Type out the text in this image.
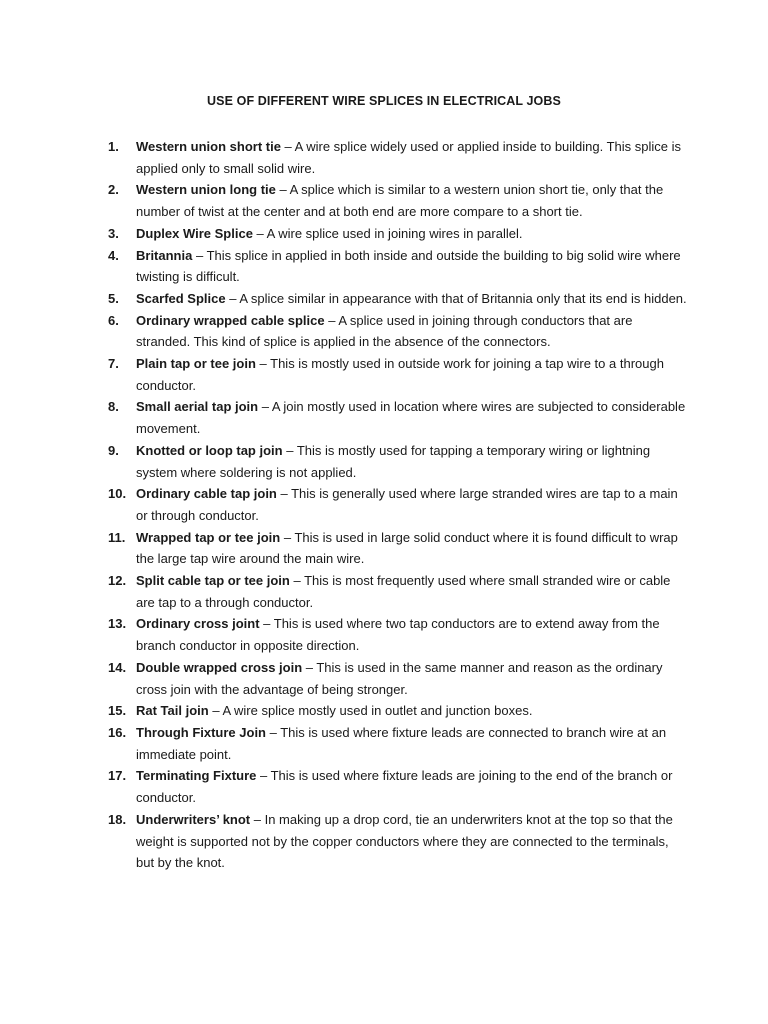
USE OF DIFFERENT WIRE SPLICES IN ELECTRICAL JOBS
1.	Western union short tie – A wire splice widely used or applied inside to building. This splice is applied only to small solid wire.
2.	Western union long tie – A splice which is similar to a western union short tie, only that the number of twist at the center and at both end are more compare to a short tie.
3.	Duplex Wire Splice – A wire splice used in joining wires in parallel.
4.	Britannia – This splice in applied in both inside and outside the building to big solid wire where twisting is difficult.
5.	Scarfed Splice – A splice similar in appearance with that of Britannia only that its end is hidden.
6.	Ordinary wrapped cable splice – A splice used in joining through conductors that are stranded. This kind of splice is applied in the absence of the connectors.
7.	Plain tap or tee join – This is mostly used in outside work for joining a tap wire to a through conductor.
8.	Small aerial tap join – A join mostly used in location where wires are subjected to considerable movement.
9.	Knotted or loop tap join – This is mostly used for tapping a temporary wiring or lightning system where soldering is not applied.
10. Ordinary cable tap join – This is generally used where large stranded wires are tap to a main or through conductor.
11. Wrapped tap or tee join – This is used in large solid conduct where it is found difficult to wrap the large tap wire around the main wire.
12. Split cable tap or tee join – This is most frequently used where small stranded wire or cable are tap to a through conductor.
13. Ordinary cross joint – This is used where two tap conductors are to extend away from the branch conductor in opposite direction.
14. Double wrapped cross join – This is used in the same manner and reason as the ordinary cross join with the advantage of being stronger.
15. Rat Tail join – A wire splice mostly used in outlet and junction boxes.
16. Through Fixture Join – This is used where fixture leads are connected to branch wire at an immediate point.
17. Terminating Fixture – This is used where fixture leads are joining to the end of the branch or conductor.
18. Underwriters’ knot – In making up a drop cord, tie an underwriters knot at the top so that the weight is supported not by the copper conductors where they are connected to the terminals, but by the knot.
